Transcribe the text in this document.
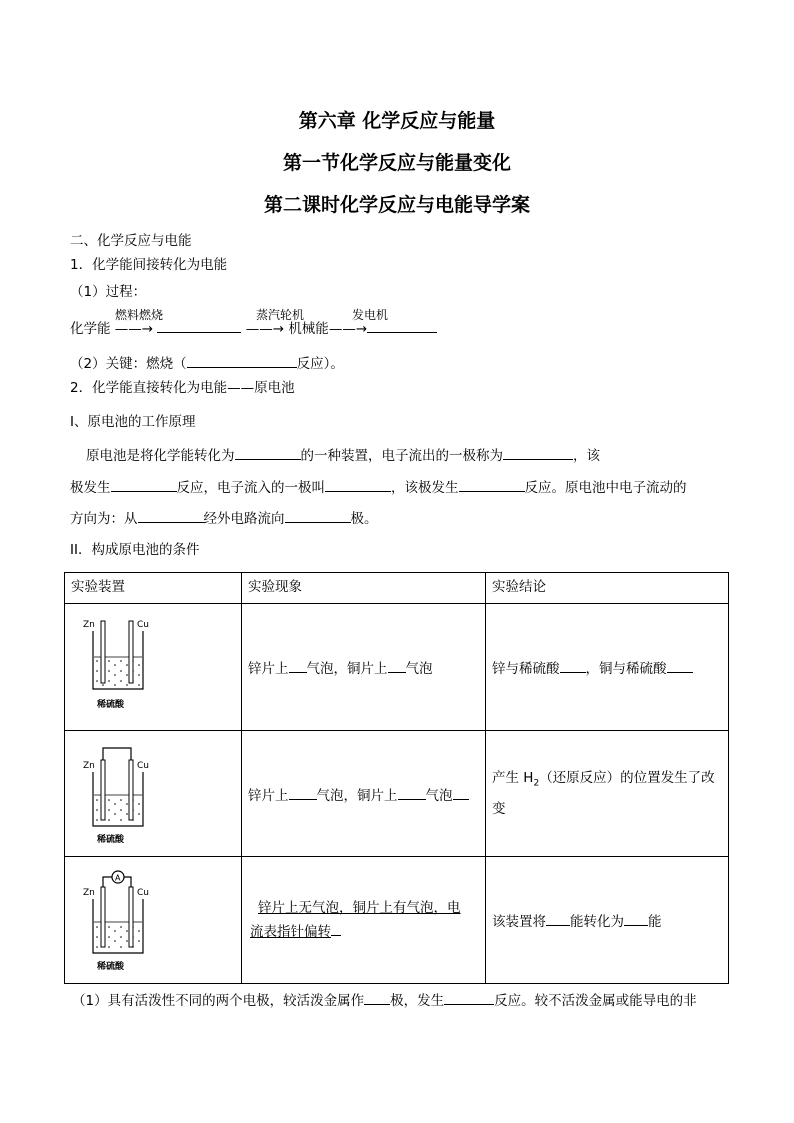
第六章 化学反应与能量
第一节化学反应与能量变化
第二课时化学反应与电能导学案
二、化学反应与电能
1．化学能间接转化为电能
（1）过程：
燃料燃烧	蒸汽轮机	发电机
化学能 ——→	——→ 机械能——→
（2）关键：燃烧（	反应）。
2．化学能直接转化为电能——原电池
I、原电池的工作原理
原电池是将化学能转化为	的一种装置，电子流出的一极称为	，该
极发生	反应，电子流入的一极叫	，该极发生	反应。原电池中电子流动的
方向为：从	经外电路流向	极。
II．构成原电池的条件
实验装置	实验现象	实验结论

Zn Cu
稀硫酸	锌片上 气泡，铜片上 气泡	锌与稀硫酸 ，铜与稀硫酸

Zn Cu
稀硫酸	锌片上 气泡，铜片上 气泡	产生 $H_2$（还原反应）的位置发生了改
变

Zn Cu
A
稀硫酸	锌片上无气泡，铜片上有气泡，电
流表指针偏转	该装置将 能转化为 能
（1）具有活泼性不同的两个电极，较活泼金属作 极，发生	反应。较不活泼金属或能导电的非
